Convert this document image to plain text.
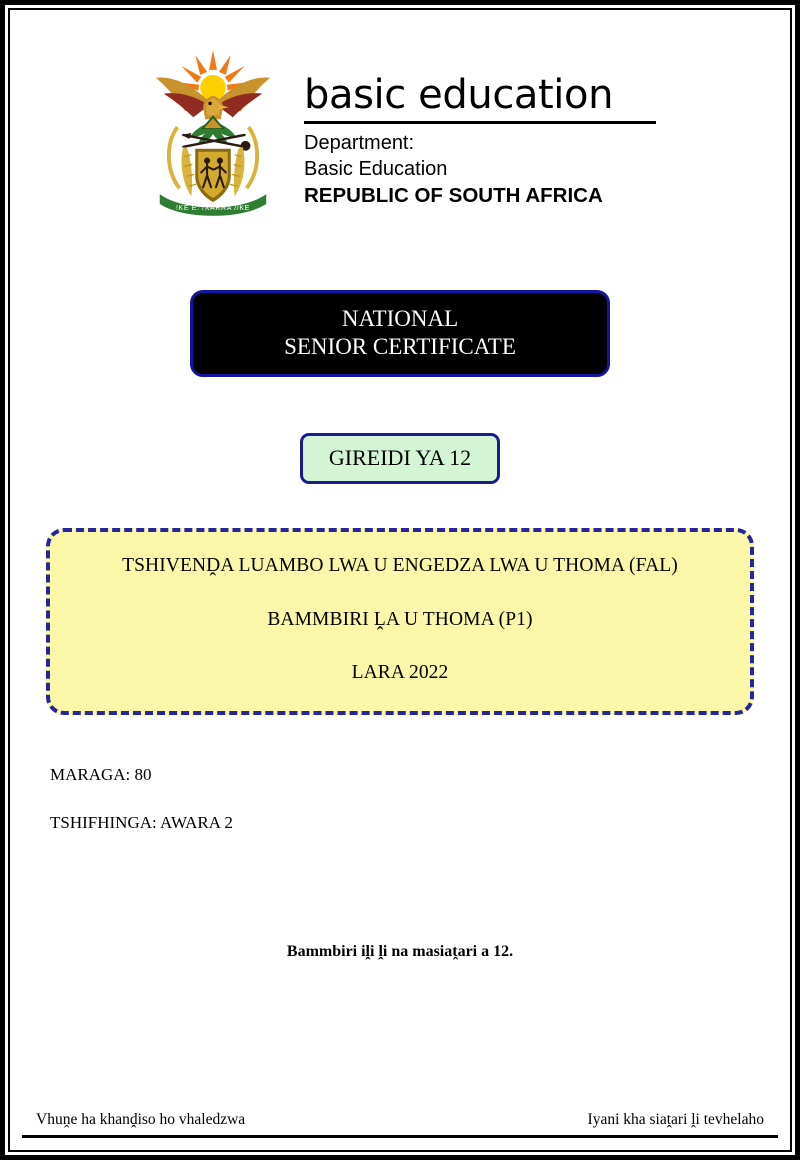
!KE E: /XARRA //KE
basic education
Department:
Basic Education
REPUBLIC OF SOUTH AFRICA
NATIONAL
SENIOR CERTIFICATE
GIREIDI YA 12
TSHIVENḒA LUAMBO LWA U ENGEDZA LWA U THOMA (FAL)
BAMMBIRI ḼA U THOMA (P1)
LARA 2022
MARAGA: 80
TSHIFHINGA: AWARA 2
Bammbiri iḽi ḽi na masiaṱari a 12.
Vhuṋe ha khanḓiso ho vhaledzwa	Iyani kha siaṱari ḽi tevhelaho
